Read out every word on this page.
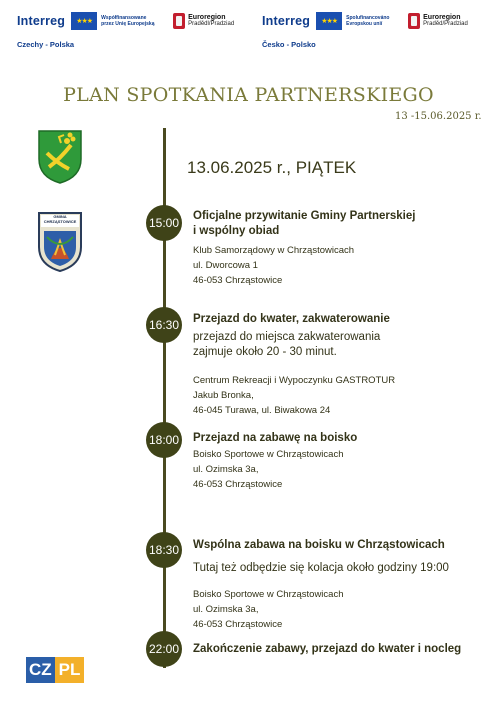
Interreg ★★★ Współfinansowane
przez Unię Europejską
Euroregion
Pradědl/Pradziad
Czechy - Polska
Interreg ★★★ Spolufinancováno
Evropskou unií
Euroregion
Praděd/Pradziad
Česko - Polsko
PLAN SPOTKANIA PARTNERSKIEGO
13 -15.06.2025 r.
GMINA CHRZĄSTOWICE
13.06.2025 r., PIĄTEK
15:00 Oficjalne przywitanie Gminy Partnerskiej
i wspólny obiad
Klub Samorządowy w Chrząstowicach
ul. Dworcowa 1
46-053 Chrząstowice
16:30 Przejazd do kwater, zakwaterowanie
przejazd do miejsca zakwaterowania
zajmuje około 20 - 30 minut.
Centrum Rekreacji i Wypoczynku GASTROTUR
Jakub Bronka,
46-045 Turawa, ul. Biwakowa 24
18:00 Przejazd na zabawę na boisko
Boisko Sportowe w Chrząstowicach
ul. Ozimska 3a,
46-053 Chrząstowice
18:30 Wspólna zabawa na boisku w Chrząstowicach
Tutaj też odbędzie się kolacja około godziny 19:00
Boisko Sportowe w Chrząstowicach
ul. Ozimska 3a,
46-053 Chrząstowice
22:00 Zakończenie zabawy, przejazd do kwater i nocleg
CZ PL
